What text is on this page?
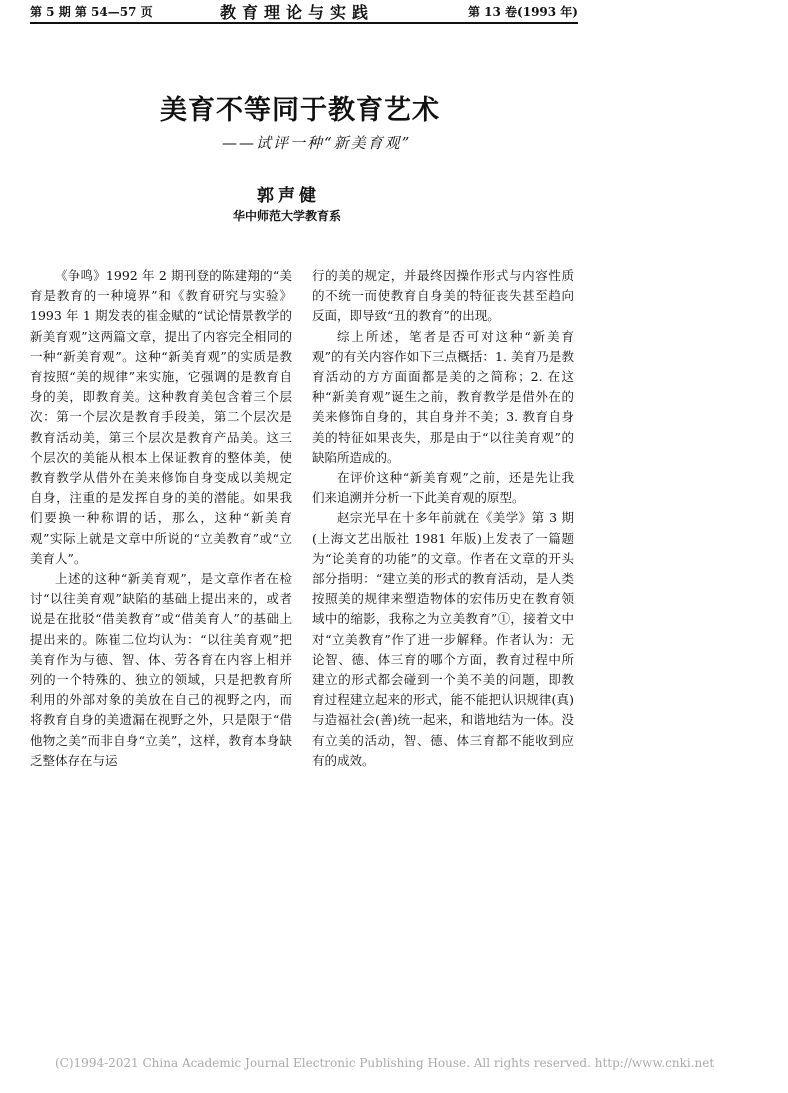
第 5 期 第 54—57 页	教育理论与实践	第 13 卷(1993 年)
美育不等同于教育艺术
——试评一种“新美育观”
郭声健
华中师范大学教育系

《争鸣》1992 年 2 期刊登的陈建翔的“美育是教育的一种境界”和《教育研究与实验》1993 年 1 期发表的崔金赋的“试论情景教学的新美育观”这两篇文章，提出了内容完全相同的一种“新美育观”。这种“新美育观”的实质是教育按照“美的规律”来实施，它强调的是教育自身的美，即教育美。这种教育美包含着三个层次：第一个层次是教育手段美，第二个层次是教育活动美，第三个层次是教育产品美。这三个层次的美能从根本上保证教育的整体美，使教育教学从借外在美来修饰自身变成以美规定自身，注重的是发挥自身的美的潜能。如果我们要换一种称谓的话，那么，这种“新美育观”实际上就是文章中所说的“立美教育”或“立美育人”。

上述的这种“新美育观”，是文章作者在检讨“以往美育观”缺陷的基础上提出来的，或者说是在批驳“借美教育”或“借美育人”的基础上提出来的。陈崔二位均认为：“以往美育观”把美育作为与德、智、体、劳各育在内容上相并列的一个特殊的、独立的领域，只是把教育所利用的外部对象的美放在自己的视野之内，而将教育自身的美遗漏在视野之外，只是限于“借他物之美”而非自身“立美”，这样，教育本身缺乏整体存在与运

行的美的规定，并最终因操作形式与内容性质的不统一而使教育自身美的特征丧失甚至趋向反面，即导致“丑的教育”的出现。

综上所述，笔者是否可对这种“新美育观”的有关内容作如下三点概括：1. 美育乃是教育活动的方方面面都是美的之简称；2. 在这种“新美育观”诞生之前，教育教学是借外在的美来修饰自身的，其自身并不美；3. 教育自身美的特征如果丧失，那是由于“以往美育观”的缺陷所造成的。

在评价这种“新美育观”之前，还是先让我们来追溯并分析一下此美育观的原型。

赵宗光早在十多年前就在《美学》第 3 期(上海文艺出版社 1981 年版)上发表了一篇题为“论美育的功能”的文章。作者在文章的开头部分指明：“建立美的形式的教育活动，是人类按照美的规律来塑造物体的宏伟历史在教育领域中的缩影，我称之为立美教育”①，接着文中对“立美教育”作了进一步解释。作者认为：无论智、德、体三育的哪个方面，教育过程中所建立的形式都会碰到一个美不美的问题，即教育过程建立起来的形式，能不能把认识规律(真)与造福社会(善)统一起来，和谐地结为一体。没有立美的活动，智、德、体三育都不能收到应有的成效。

(C)1994-2021 China Academic Journal Electronic Publishing House. All rights reserved. http://www.cnki.net
